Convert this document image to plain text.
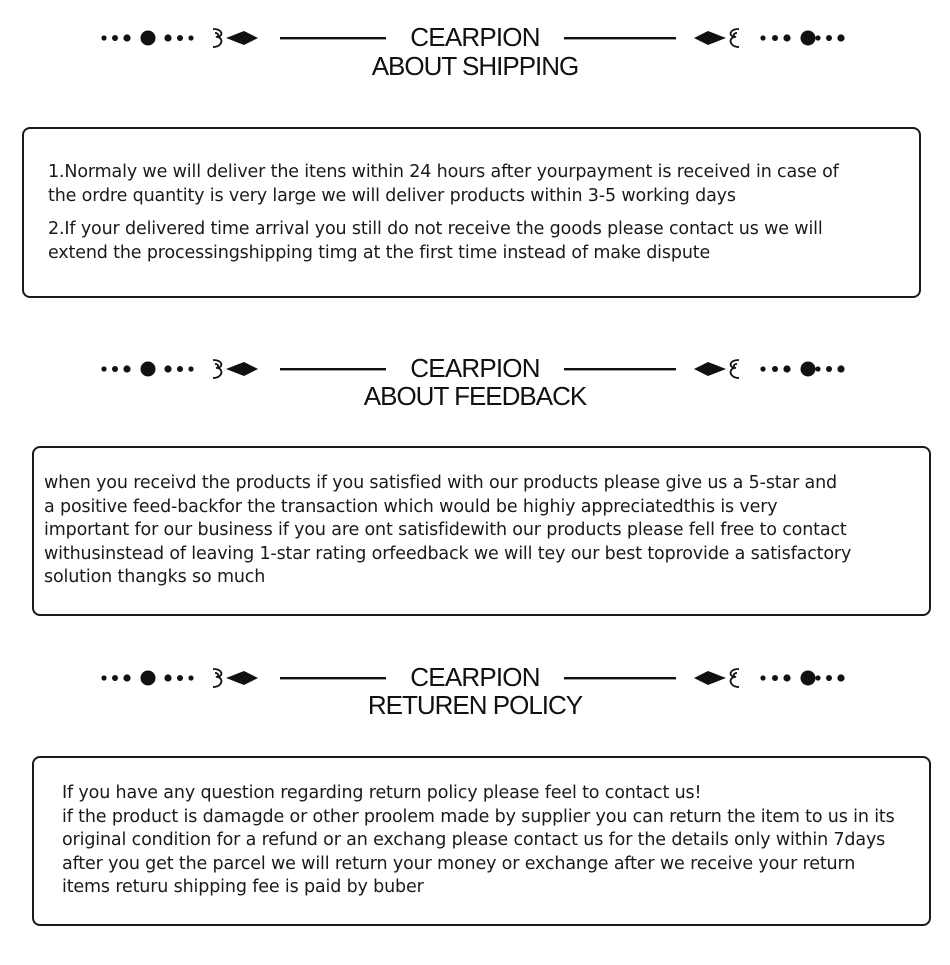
CEARPION
ABOUT SHIPPING

1.Normaly we will deliver the itens within 24 hours after yourpayment is received in case of
the ordre quantity is very large we will deliver products within 3-5 working days

2.If your delivered time arrival you still do not receive the goods please contact us we will
extend the processingshipping timg at the first time instead of make dispute

CEARPION
ABOUT FEEDBACK

when you receivd the products if you satisfied with our products please give us a 5-star and
a positive feed-backfor the transaction which would be highiy appreciatedthis is very
important for our business if you are ont satisfidewith our products please fell free to contact
withusinstead of leaving 1-star rating orfeedback we will tey our best toprovide a satisfactory
solution thangks so much

CEARPION
RETUREN POLICY

If you have any question regarding return policy please feel to contact us!
if the product is damagde or other proolem made by supplier you can return the item to us in its
original condition for a refund or an exchang please contact us for the details only within 7days
after you get the parcel we will return your money or exchange after we receive your return
items returu shipping fee is paid by buber
